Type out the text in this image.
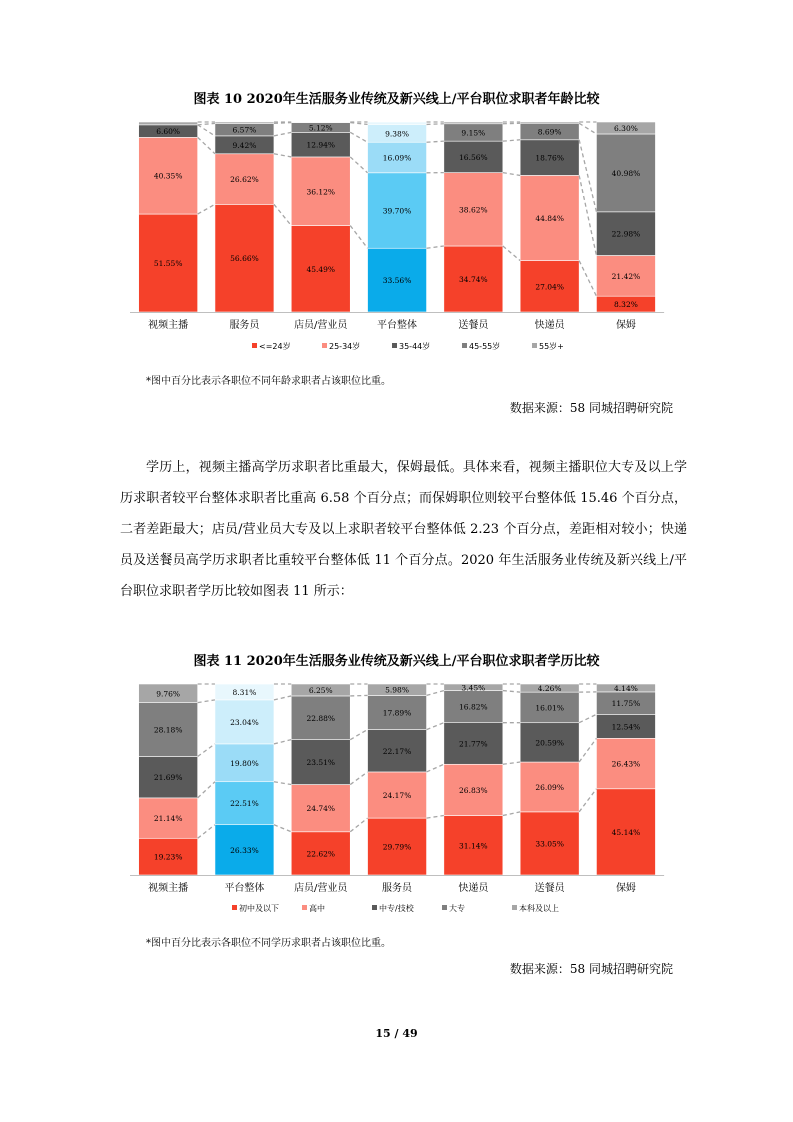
图表 10 2020年生活服务业传统及新兴线上/平台职位求职者年龄比较
51.55%
40.35%
6.60%
56.66%
26.62%
9.42%
6.57%
45.49%
36.12%
12.94%
5.12%
33.56%
39.70%
16.09%
9.38%
34.74%
38.62%
16.56%
9.15%
27.04%
44.84%
18.76%
8.69%
8.32%
21.42%
22.98%
40.98%
6.30%
视频主播	服务员	店员/营业员	平台整体	送餐员	快递员	保姆
<=24岁	25-34岁	35-44岁	45-55岁	55岁+
*图中百分比表示各职位不同年龄求职者占该职位比重。
数据来源：58 同城招聘研究院

学历上，视频主播高学历求职者比重最大，保姆最低。具体来看，视频主播职位大专及以上学历求职者较平台整体求职者比重高 6.58 个百分点；而保姆职位则较平台整体低 15.46 个百分点，二者差距最大；店员/营业员大专及以上求职者较平台整体低 2.23 个百分点，差距相对较小；快递员及送餐员高学历求职者比重较平台整体低 11 个百分点。2020 年生活服务业传统及新兴线上/平台职位求职者学历比较如图表 11 所示：

图表 11 2020年生活服务业传统及新兴线上/平台职位求职者学历比较
19.23%
21.14%
21.69%
28.18%
9.76%
26.33%
22.51%
19.80%
23.04%
8.31%
22.62%
24.74%
23.51%
22.88%
6.25%
29.79%
24.17%
22.17%
17.89%
5.98%
31.14%
26.83%
21.77%
16.82%
3.45%
33.05%
26.09%
20.59%
16.01%
4.26%
45.14%
26.43%
12.54%
11.75%
4.14%
视频主播	平台整体	店员/营业员	服务员	快递员	送餐员	保姆
初中及以下	高中	中专/技校	大专	本科及以上
*图中百分比表示各职位不同学历求职者占该职位比重。
数据来源：58 同城招聘研究院
15 / 49
